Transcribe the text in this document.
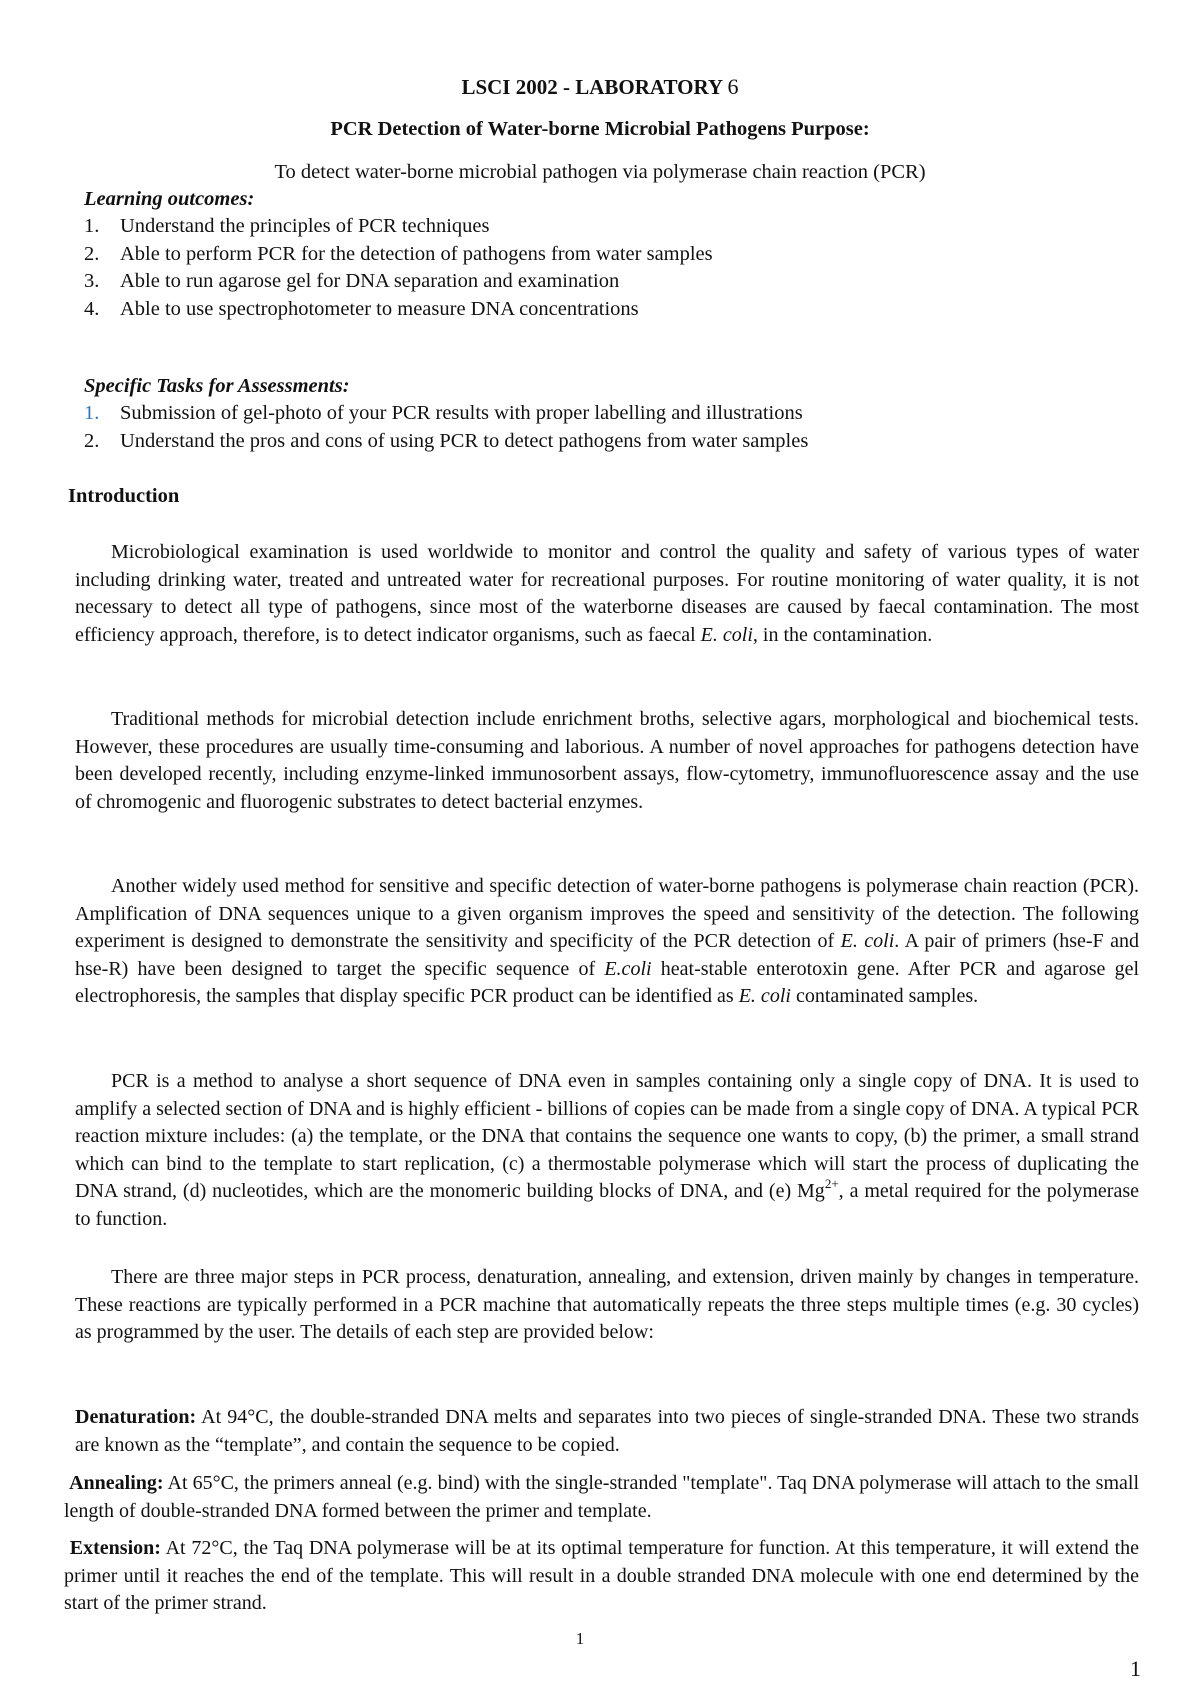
LSCI 2002 - LABORATORY 6
PCR Detection of Water-borne Microbial Pathogens Purpose:
To detect water-borne microbial pathogen via polymerase chain reaction (PCR)
Learning outcomes:
1. Understand the principles of PCR techniques
2. Able to perform PCR for the detection of pathogens from water samples
3. Able to run agarose gel for DNA separation and examination
4. Able to use spectrophotometer to measure DNA concentrations
Specific Tasks for Assessments:
1. Submission of gel-photo of your PCR results with proper labelling and illustrations
2. Understand the pros and cons of using PCR to detect pathogens from water samples
Introduction

Microbiological examination is used worldwide to monitor and control the quality and safety of various types of water including drinking water, treated and untreated water for recreational purposes. For routine monitoring of water quality, it is not necessary to detect all type of pathogens, since most of the waterborne diseases are caused by faecal contamination. The most efficiency approach, therefore, is to detect indicator organisms, such as faecal E. coli, in the contamination.

Traditional methods for microbial detection include enrichment broths, selective agars, morphological and biochemical tests. However, these procedures are usually time-consuming and laborious. A number of novel approaches for pathogens detection have been developed recently, including enzyme-linked immunosorbent assays, flow-cytometry, immunofluorescence assay and the use of chromogenic and fluorogenic substrates to detect bacterial enzymes.

Another widely used method for sensitive and specific detection of water-borne pathogens is polymerase chain reaction (PCR). Amplification of DNA sequences unique to a given organism improves the speed and sensitivity of the detection. The following experiment is designed to demonstrate the sensitivity and specificity of the PCR detection of E. coli. A pair of primers (hse-F and hse-R) have been designed to target the specific sequence of E.coli heat-stable enterotoxin gene. After PCR and agarose gel electrophoresis, the samples that display specific PCR product can be identified as E. coli contaminated samples.

PCR is a method to analyse a short sequence of DNA even in samples containing only a single copy of DNA. It is used to amplify a selected section of DNA and is highly efficient - billions of copies can be made from a single copy of DNA. A typical PCR reaction mixture includes: (a) the template, or the DNA that contains the sequence one wants to copy, (b) the primer, a small strand which can bind to the template to start replication, (c) a thermostable polymerase which will start the process of duplicating the DNA strand, (d) nucleotides, which are the monomeric building blocks of DNA, and (e) $Mg^{2+}$, a metal required for the polymerase to function.

There are three major steps in PCR process, denaturation, annealing, and extension, driven mainly by changes in temperature. These reactions are typically performed in a PCR machine that automatically repeats the three steps multiple times (e.g. 30 cycles) as programmed by the user. The details of each step are provided below:

Denaturation: At 94°C, the double-stranded DNA melts and separates into two pieces of single-stranded DNA. These two strands are known as the “template”, and contain the sequence to be copied.

Annealing: At 65°C, the primers anneal (e.g. bind) with the single-stranded "template". Taq DNA polymerase will attach to the small length of double-stranded DNA formed between the primer and template.

Extension: At 72°C, the Taq DNA polymerase will be at its optimal temperature for function. At this temperature, it will extend the primer until it reaches the end of the template. This will result in a double stranded DNA molecule with one end determined by the start of the primer strand.

1
1
